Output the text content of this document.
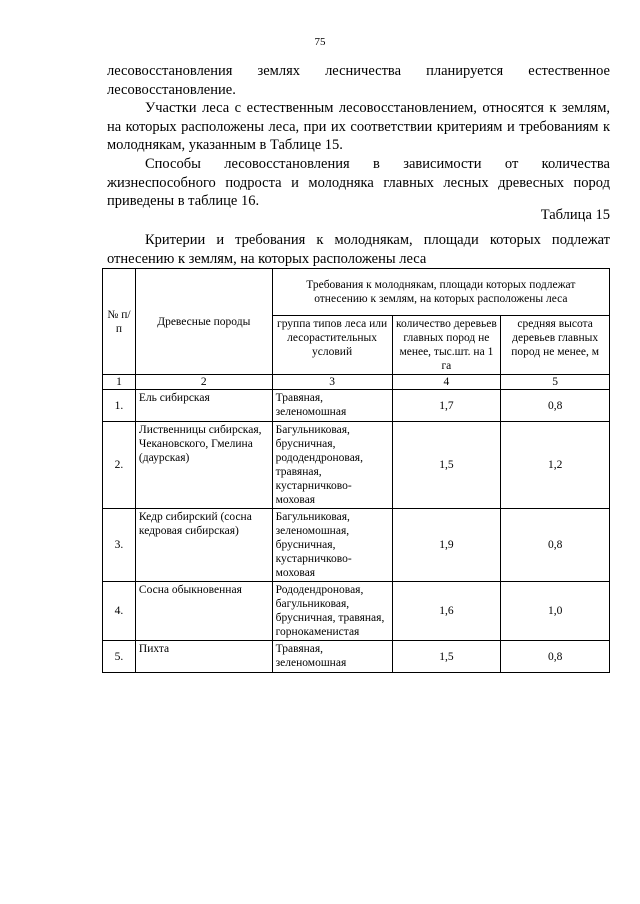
75

лесовосстановления землях лесничества планируется естественное

лесовосстановление.

Участки леса с естественным лесовосстановлением, относятся к землям, на которых расположены леса, при их соответствии критериям и требованиям к молоднякам, указанным в Таблице 15.

Способы лесовосстановления в зависимости от количества жизнеспособного подроста и молодняка главных лесных древесных пород приведены в таблице 16.

Таблица 15

Критерии и требования к молоднякам, площади которых подлежат отнесению к землям, на которых расположены леса

№ п/п	Древесные породы	Требования к молоднякам, площади которых подлежат отнесению к землям, на которых расположены леса		
		группа типов леса или лесорастительных условий	количество деревьев главных пород не менее, тыс.шт. на 1 га	средняя высота деревьев главных пород не менее, м
1	2	3	4	5
1.	Ель сибирская	Травяная, зеленомошная	1,7	0,8
2.	Лиственницы сибирская, Чекановского, Гмелина (даурская)	Багульниковая, брусничная, рододендроновая, травяная, кустарничково-моховая	1,5	1,2
3.	Кедр сибирский (сосна кедровая сибирская)	Багульниковая, зеленомошная, брусничная, кустарничково-моховая	1,9	0,8
4.	Сосна обыкновенная	Рододендроновая, багульниковая, брусничная, травяная, горнокаменистая	1,6	1,0
5.	Пихта	Травяная, зеленомошная	1,5	0,8
